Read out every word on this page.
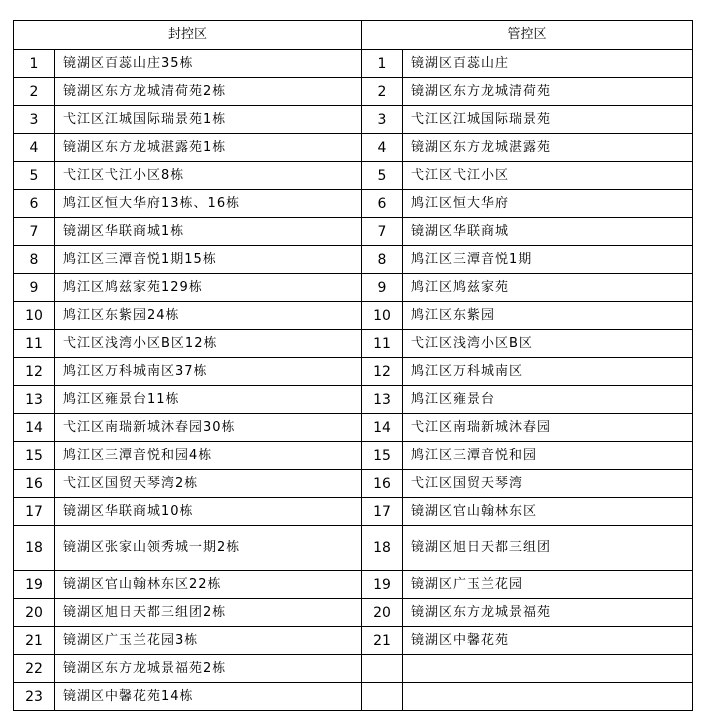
封控区		管控区	
1	镜湖区百蕊山庄35栋	1	镜湖区百蕊山庄
2	镜湖区东方龙城清荷苑2栋	2	镜湖区东方龙城清荷苑
3	弋江区江城国际瑞景苑1栋	3	弋江区江城国际瑞景苑
4	镜湖区东方龙城湛露苑1栋	4	镜湖区东方龙城湛露苑
5	弋江区弋江小区8栋	5	弋江区弋江小区
6	鸠江区恒大华府13栋、16栋	6	鸠江区恒大华府
7	镜湖区华联商城1栋	7	镜湖区华联商城
8	鸠江区三潭音悦1期15栋	8	鸠江区三潭音悦1期
9	鸠江区鸠兹家苑129栋	9	鸠江区鸠兹家苑
10	鸠江区东紫园24栋	10	鸠江区东紫园
11	弋江区浅湾小区B区12栋	11	弋江区浅湾小区B区
12	鸠江区万科城南区37栋	12	鸠江区万科城南区
13	鸠江区雍景台11栋	13	鸠江区雍景台
14	弋江区南瑞新城沐春园30栋	14	弋江区南瑞新城沐春园
15	鸠江区三潭音悦和园4栋	15	鸠江区三潭音悦和园
16	弋江区国贸天琴湾2栋	16	弋江区国贸天琴湾
17	镜湖区华联商城10栋	17	镜湖区官山翰林东区
18	镜湖区张家山领秀城一期2栋	18	镜湖区旭日天都三组团
19	镜湖区官山翰林东区22栋	19	镜湖区广玉兰花园
20	镜湖区旭日天都三组团2栋	20	镜湖区东方龙城景福苑
21	镜湖区广玉兰花园3栋	21	镜湖区中馨花苑
22	镜湖区东方龙城景福苑2栋		
23	镜湖区中馨花苑14栋		
